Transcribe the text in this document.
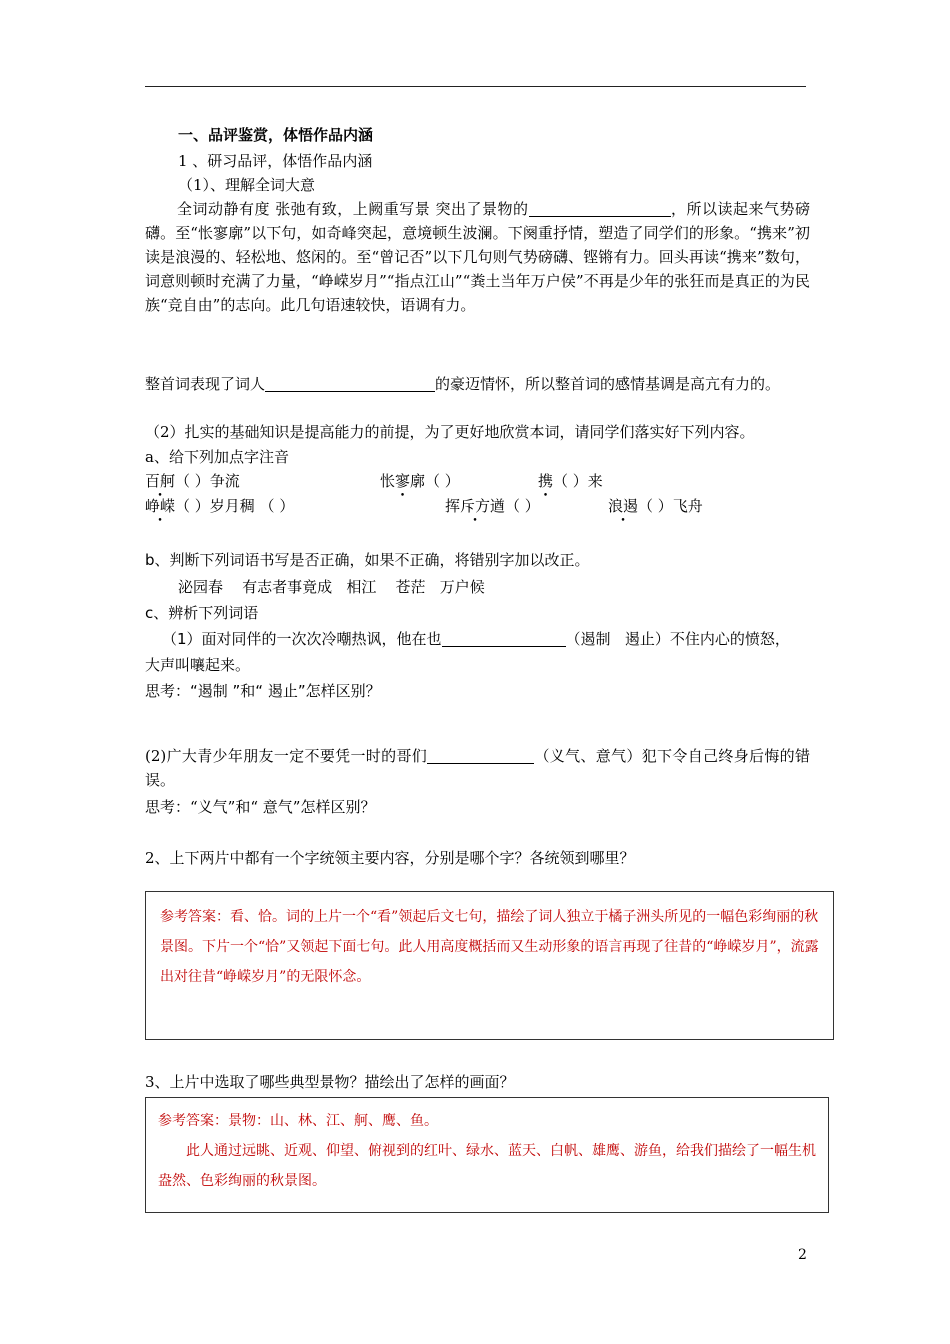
一、品评鉴赏，体悟作品内涵
1 、研习品评，体悟作品内涵
（1）、理解全词大意
全词动静有度 张弛有致，上阙重写景 突出了景物的	，所以读起来气势磅礴。至“怅寥廓”以下句，如奇峰突起，意境顿生波澜。下阕重抒情，塑造了同学们的形象。“携来”初读是浪漫的、轻松地、悠闲的。至“曾记否”以下几句则气势磅礴、铿锵有力。回头再读“携来”数句，词意则顿时充满了力量，“峥嵘岁月”“指点江山”“粪土当年万户侯”不再是少年的张狂而是真正的为民族“竞自由”的志向。此几句语速较快，语调有力。
整首词表现了词人	的豪迈情怀，所以整首词的感情基调是高亢有力的。
（2）扎实的基础知识是提高能力的前提，为了更好地欣赏本词，请同学们落实好下列内容。
a、给下列加点字注音
百舸（ ）争流	怅寥廓（ ）	携（ ）来
峥嵘（ ）岁月稠 （ ）	挥斥方遒（ ）	浪遏（ ）飞舟
b、判断下列词语书写是否正确，如果不正确，将错别字加以改正。
泌园春    有志者事竟成   相江    苍茫   万户候
c、辨析下列词语
（1）面对同伴的一次次冷嘲热讽，他在也	（遏制   遏止）不住内心的愤怒，
大声叫嚷起来。
思考：“遏制 ”和“ 遏止”怎样区别？
(2)广大青少年朋友一定不要凭一时的哥们	（义气、意气）犯下令自己终身后悔的错误。
思考：“义气”和“ 意气”怎样区别？
2、上下两片中都有一个字统领主要内容，分别是哪个字？各统领到哪里？
参考答案：看、恰。词的上片一个“看”领起后文七句，描绘了词人独立于橘子洲头所见的一幅色彩绚丽的秋景图。下片一个“恰”又领起下面七句。此人用高度概括而又生动形象的语言再现了往昔的“峥嵘岁月”，流露出对往昔“峥嵘岁月”的无限怀念。
3、上片中选取了哪些典型景物？描绘出了怎样的画面？
参考答案：景物：山、林、江、舸、鹰、鱼。
此人通过远眺、近观、仰望、俯视到的红叶、绿水、蓝天、白帆、雄鹰、游鱼，给我们描绘了一幅生机盎然、色彩绚丽的秋景图。
2
